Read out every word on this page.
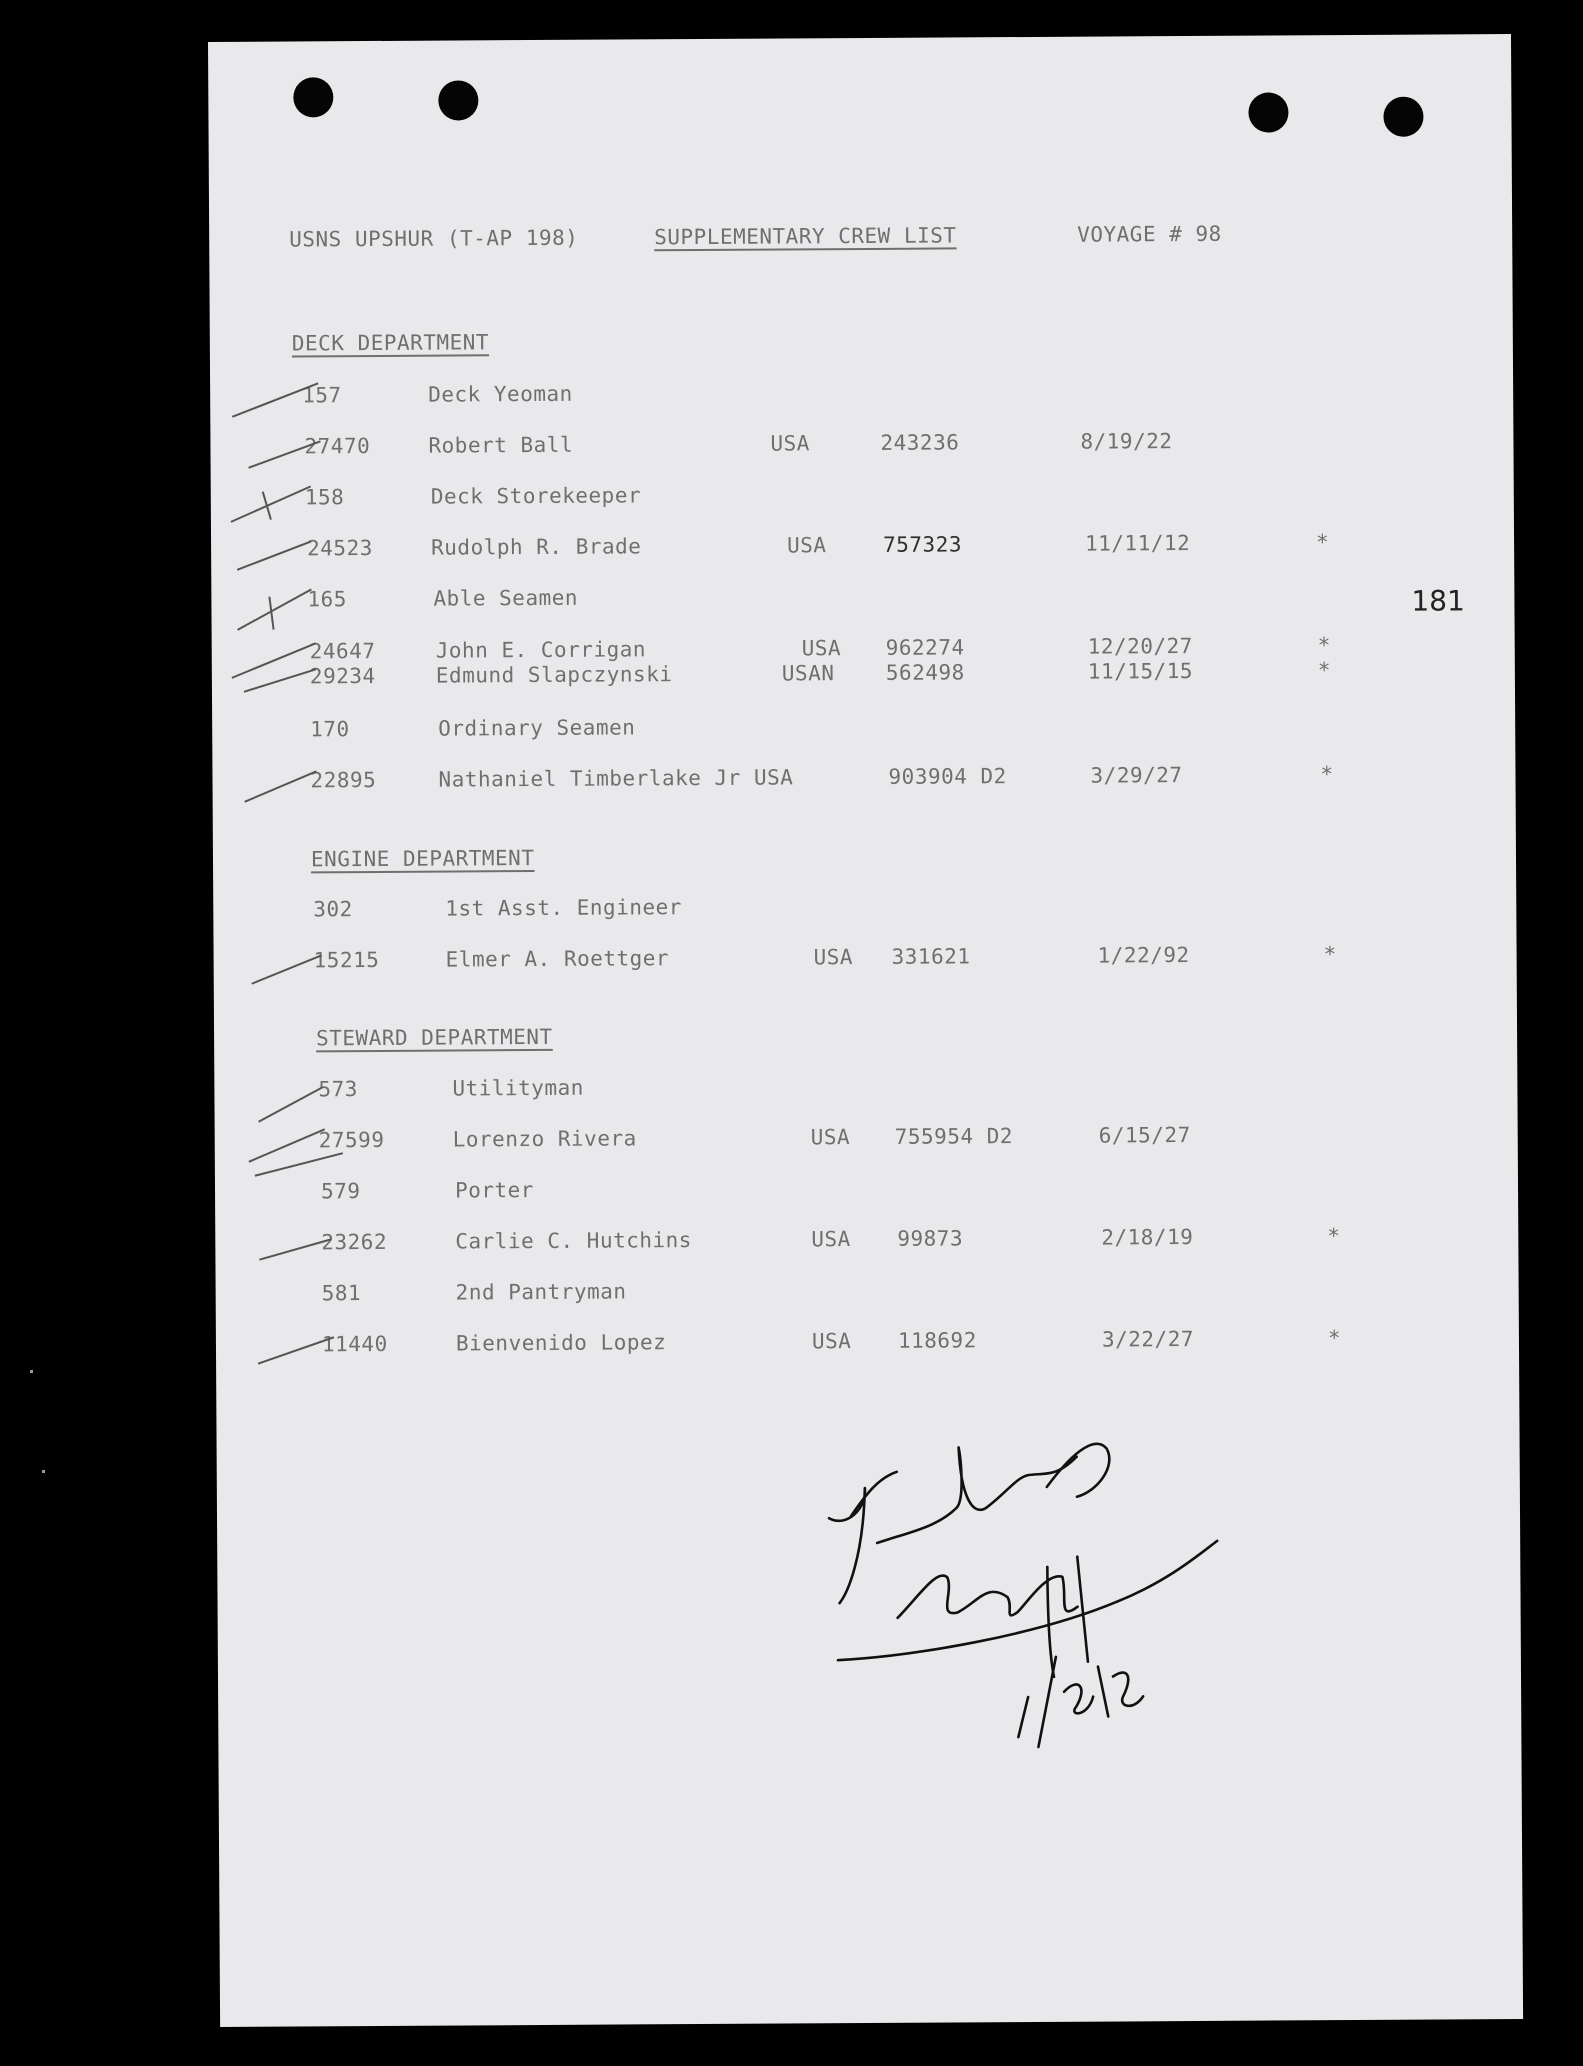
USNS UPSHUR (T-AP 198)	SUPPLEMENTARY CREW LIST	VOYAGE # 98
181
DECK DEPARTMENT
157	Deck Yeoman
27470	Robert Ball	USA	243236	8/19/22
158	Deck Storekeeper
24523	Rudolph R. Brade	USA	757323	11/11/12	*
165	Able Seamen
24647	John E. Corrigan	USA 962274	12/20/27	*
29234	Edmund Slapczynski	USAN 562498	11/15/15	*
170	Ordinary Seamen
22895	Nathaniel Timberlake Jr USA	903904 D2	3/29/27	*
ENGINE DEPARTMENT
302	1st Asst. Engineer
15215	Elmer A. Roettger	USA 331621	1/22/92	*
STEWARD DEPARTMENT
573	Utilityman
27599	Lorenzo Rivera	USA 755954 D2	6/15/27
579	Porter
23262	Carlie C. Hutchins	USA 99873	2/18/19	*
581	2nd Pantryman
11440	Bienvenido Lopez	USA 118692	3/22/27	*
